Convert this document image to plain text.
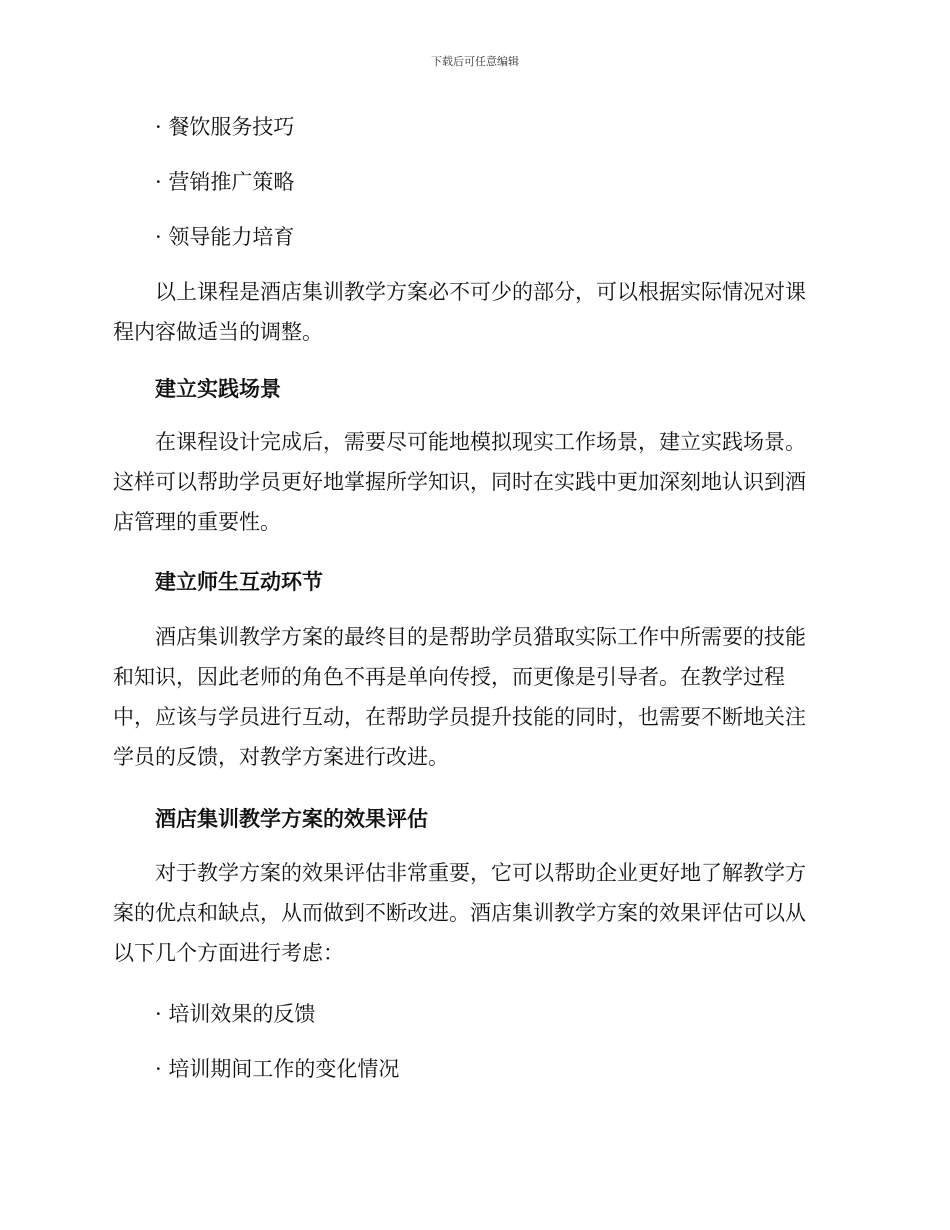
下载后可任意编辑
· 餐饮服务技巧
· 营销推广策略
· 领导能力培育
以上课程是酒店集训教学方案必不可少的部分，可以根据实际情况对课
程内容做适当的调整。
建立实践场景
在课程设计完成后，需要尽可能地模拟现实工作场景，建立实践场景。
这样可以帮助学员更好地掌握所学知识，同时在实践中更加深刻地认识到酒
店管理的重要性。
建立师生互动环节
酒店集训教学方案的最终目的是帮助学员猎取实际工作中所需要的技能
和知识，因此老师的角色不再是单向传授，而更像是引导者。在教学过程
中，应该与学员进行互动，在帮助学员提升技能的同时，也需要不断地关注
学员的反馈，对教学方案进行改进。
酒店集训教学方案的效果评估
对于教学方案的效果评估非常重要，它可以帮助企业更好地了解教学方
案的优点和缺点，从而做到不断改进。酒店集训教学方案的效果评估可以从
以下几个方面进行考虑：
· 培训效果的反馈
· 培训期间工作的变化情况
